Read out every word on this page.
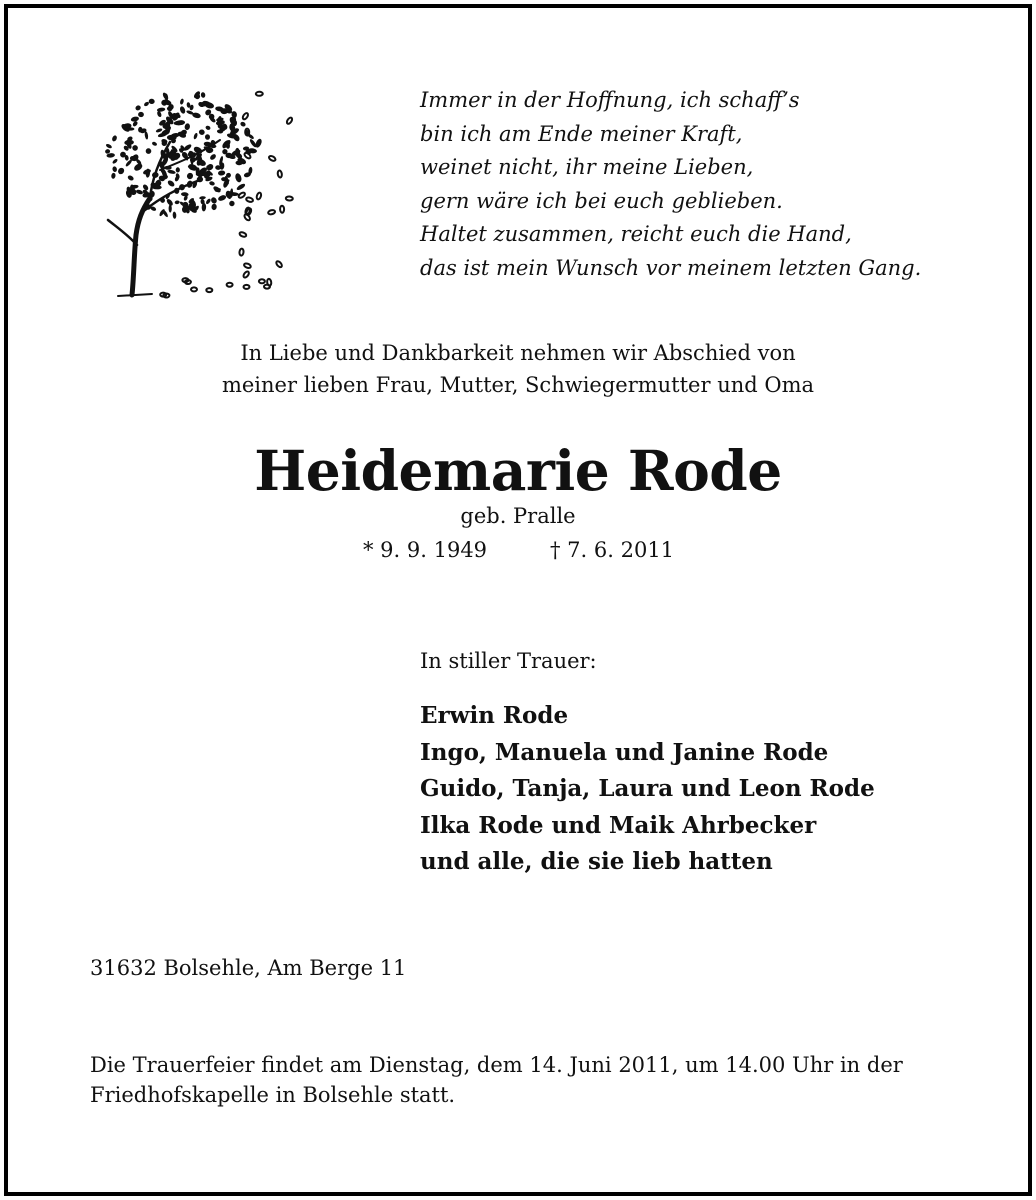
Immer in der Hoffnung, ich schaff’s
bin ich am Ende meiner Kraft,
weinet nicht, ihr meine Lieben,
gern wäre ich bei euch geblieben.
Haltet zusammen, reicht euch die Hand,
das ist mein Wunsch vor meinem letzten Gang.
In Liebe und Dankbarkeit nehmen wir Abschied von
meiner lieben Frau, Mutter, Schwiegermutter und Oma
Heidemarie Rode
geb. Pralle
* 9. 9. 1949	† 7. 6. 2011
In stiller Trauer:
Erwin Rode
Ingo, Manuela und Janine Rode
Guido, Tanja, Laura und Leon Rode
Ilka Rode und Maik Ahrbecker
und alle, die sie lieb hatten
31632 Bolsehle, Am Berge 11
Die Trauerfeier findet am Dienstag, dem 14. Juni 2011, um 14.00 Uhr in der Friedhofskapelle in Bolsehle statt.
